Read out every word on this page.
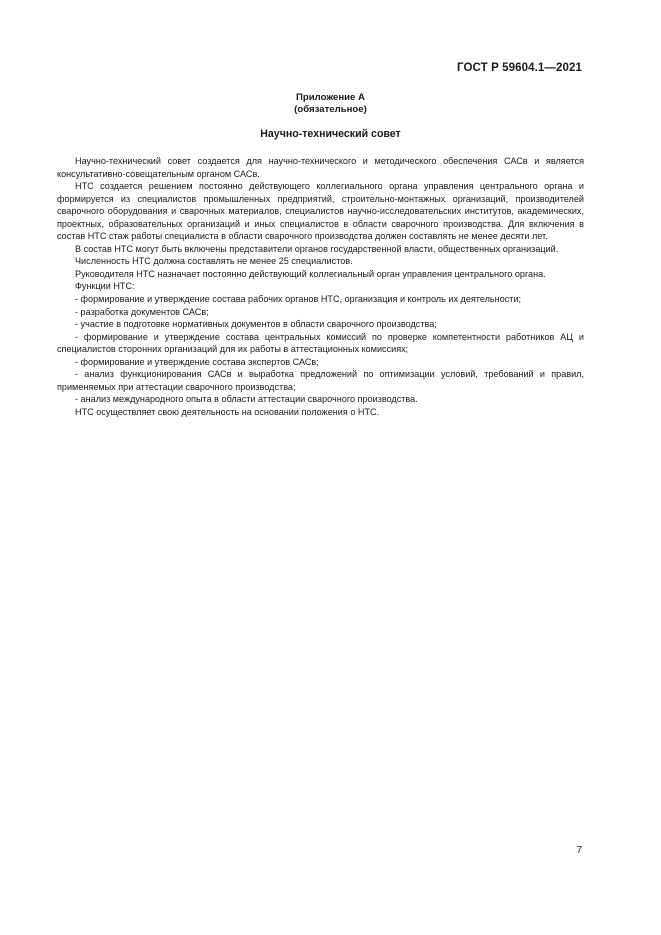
ГОСТ Р 59604.1—2021
Приложение А
(обязательное)
Научно-технический совет

Научно-технический совет создается для научно-технического и методического обеспечения САСв и является консультативно-совещательным органом САСв.

НТС создается решением постоянно действующего коллегиального органа управления центрального органа и формируется из специалистов промышленных предприятий, строительно-монтажных организаций, производителей сварочного оборудования и сварочных материалов, специалистов научно-исследовательских институтов, академических, проектных, образовательных организаций и иных специалистов в области сварочного производства. Для включения в состав НТС стаж работы специалиста в области сварочного производства должен составлять не менее десяти лет.

В состав НТС могут быть включены представители органов государственной власти, общественных организаций.

Численность НТС должна составлять не менее 25 специалистов.

Руководителя НТС назначает постоянно действующий коллегиальный орган управления центрального органа.

Функции НТС:

- формирование и утверждение состава рабочих органов НТС, организация и контроль их деятельности;

- разработка документов САСв;

- участие в подготовке нормативных документов в области сварочного производства;

- формирование и утверждение состава центральных комиссий по проверке компетентности работников АЦ и специалистов сторонних организаций для их работы в аттестационных комиссиях;

- формирование и утверждение состава экспертов САСв;

- анализ функционирования САСв и выработка предложений по оптимизации условий, требований и правил, применяемых при аттестации сварочного производства;

- анализ международного опыта в области аттестации сварочного производства.

НТС осуществляет свою деятельность на основании положения о НТС.

7
